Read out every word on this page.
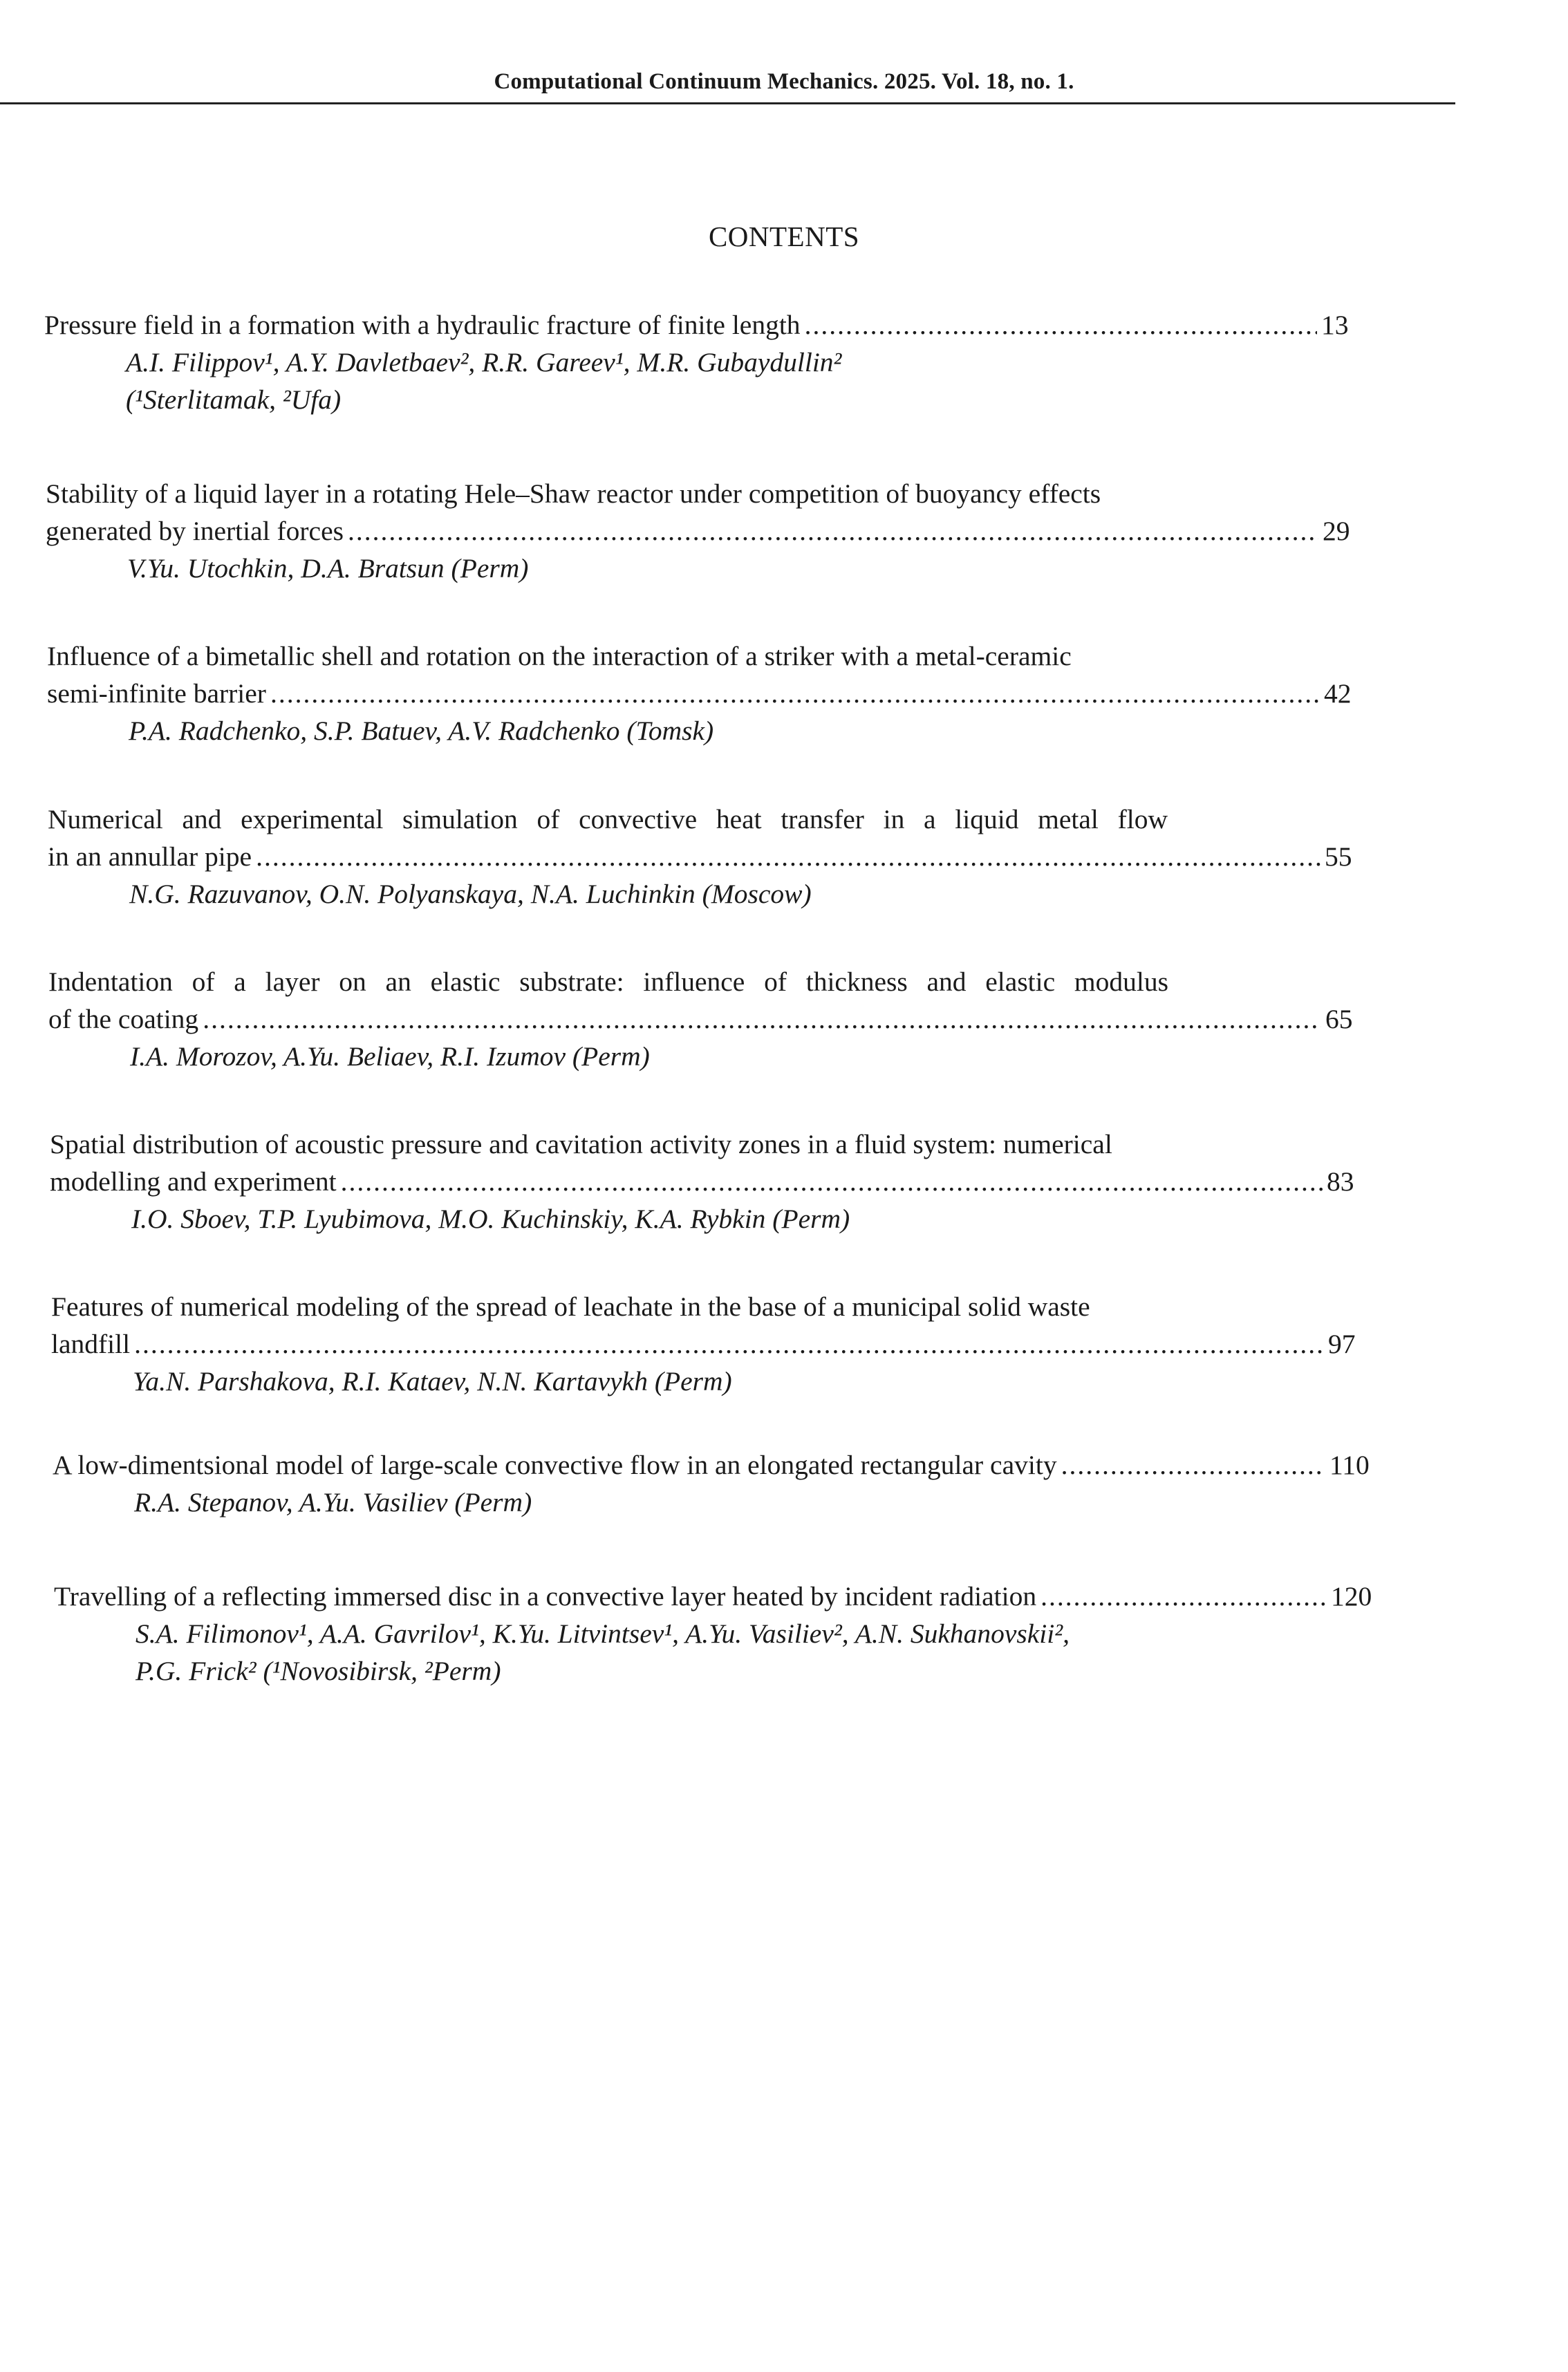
Computational Continuum Mechanics. 2025. Vol. 18, no. 1.
CONTENTS
Pressure field in a formation with a hydraulic fracture of finite length .....	13
A.I. Filippov¹, A.Y. Davletbaev², R.R. Gareev¹, M.R. Gubaydullin²
(¹Sterlitamak, ²Ufa)
Stability of a liquid layer in a rotating Hele–Shaw reactor under competition of buoyancy effects
generated by inertial forces .....	29
V.Yu. Utochkin, D.A. Bratsun (Perm)
Influence of a bimetallic shell and rotation on the interaction of a striker with a metal-ceramic
semi-infinite barrier .....	42
P.A. Radchenko, S.P. Batuev, A.V. Radchenko (Tomsk)
Numerical and experimental simulation of convective heat transfer in a liquid metal flow
in an annullar pipe .....	55
N.G. Razuvanov, O.N. Polyanskaya, N.A. Luchinkin (Moscow)
Indentation of a layer on an elastic substrate: influence of thickness and elastic modulus
of the coating .....	65
I.A. Morozov, A.Yu. Beliaev, R.I. Izumov (Perm)
Spatial distribution of acoustic pressure and cavitation activity zones in a fluid system: numerical
modelling and experiment .....	83
I.O. Sboev, T.P. Lyubimova, M.O. Kuchinskiy, K.A. Rybkin (Perm)
Features of numerical modeling of the spread of leachate in the base of a municipal solid waste
landfill .....	97
Ya.N. Parshakova, R.I. Kataev, N.N. Kartavykh (Perm)
A low-dimentsional model of large-scale convective flow in an elongated rectangular cavity .....	110
R.A. Stepanov, A.Yu. Vasiliev (Perm)
Travelling of a reflecting immersed disc in a convective layer heated by incident radiation .....	120
S.A. Filimonov¹, A.A. Gavrilov¹, K.Yu. Litvintsev¹, A.Yu. Vasiliev², A.N. Sukhanovskii²,
P.G. Frick² (¹Novosibirsk, ²Perm)
